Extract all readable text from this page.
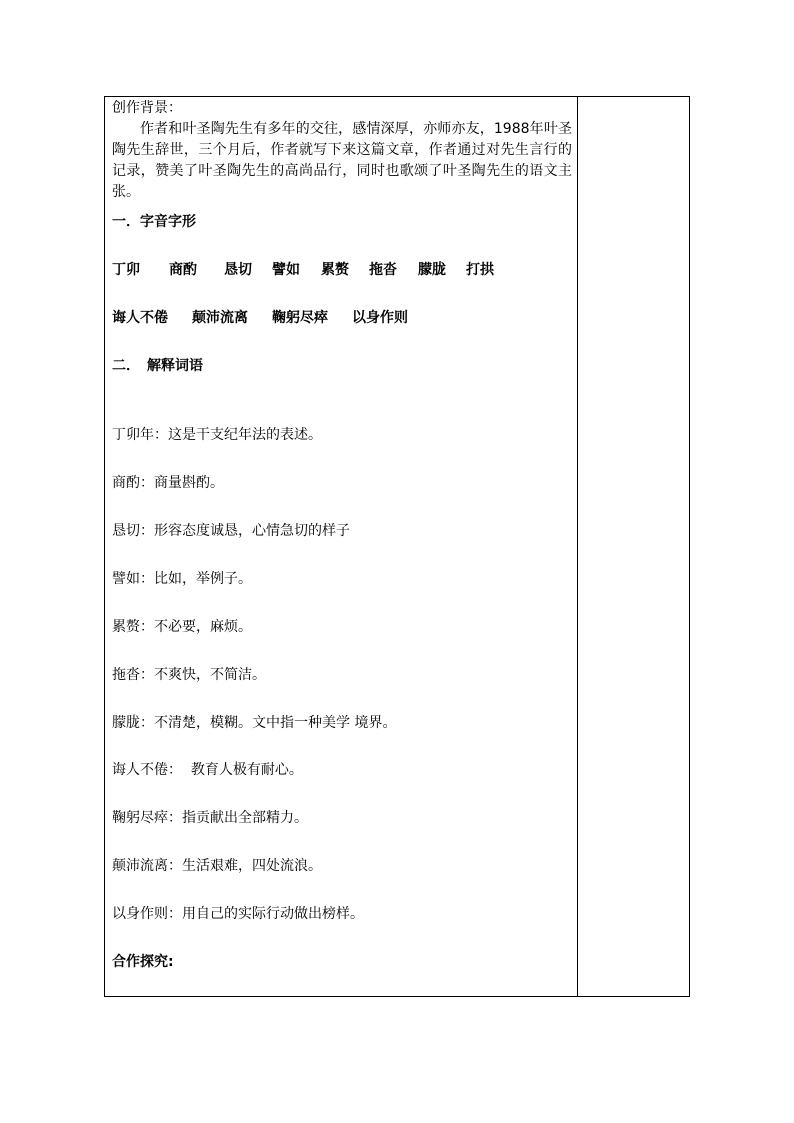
创作背景：
作者和叶圣陶先生有多年的交往，感情深厚，亦师亦友，1988年叶圣陶先生辞世，三个月后，作者就写下来这篇文章，作者通过对先生言行的记录，赞美了叶圣陶先生的高尚品行，同时也歌颂了叶圣陶先生的语文主张。
一．字音字形
丁卯 商酌 恳切 譬如 累赘 拖沓 朦胧 打拱
诲人不倦 颠沛流离 鞠躬尽瘁 以身作则
二．　解释词语
丁卯年：这是干支纪年法的表述。
商酌：商量斟酌。
恳切：形容态度诚恳，心情急切的样子
譬如：比如，举例子。
累赘：不必要，麻烦。
拖沓：不爽快，不简洁。
朦胧：不清楚，模糊。文中指一种美学 境界。
诲人不倦：  教育人极有耐心。
鞠躬尽瘁：指贡献出全部精力。
颠沛流离：生活艰难，四处流浪。
以身作则：用自己的实际行动做出榜样。
合作探究:
